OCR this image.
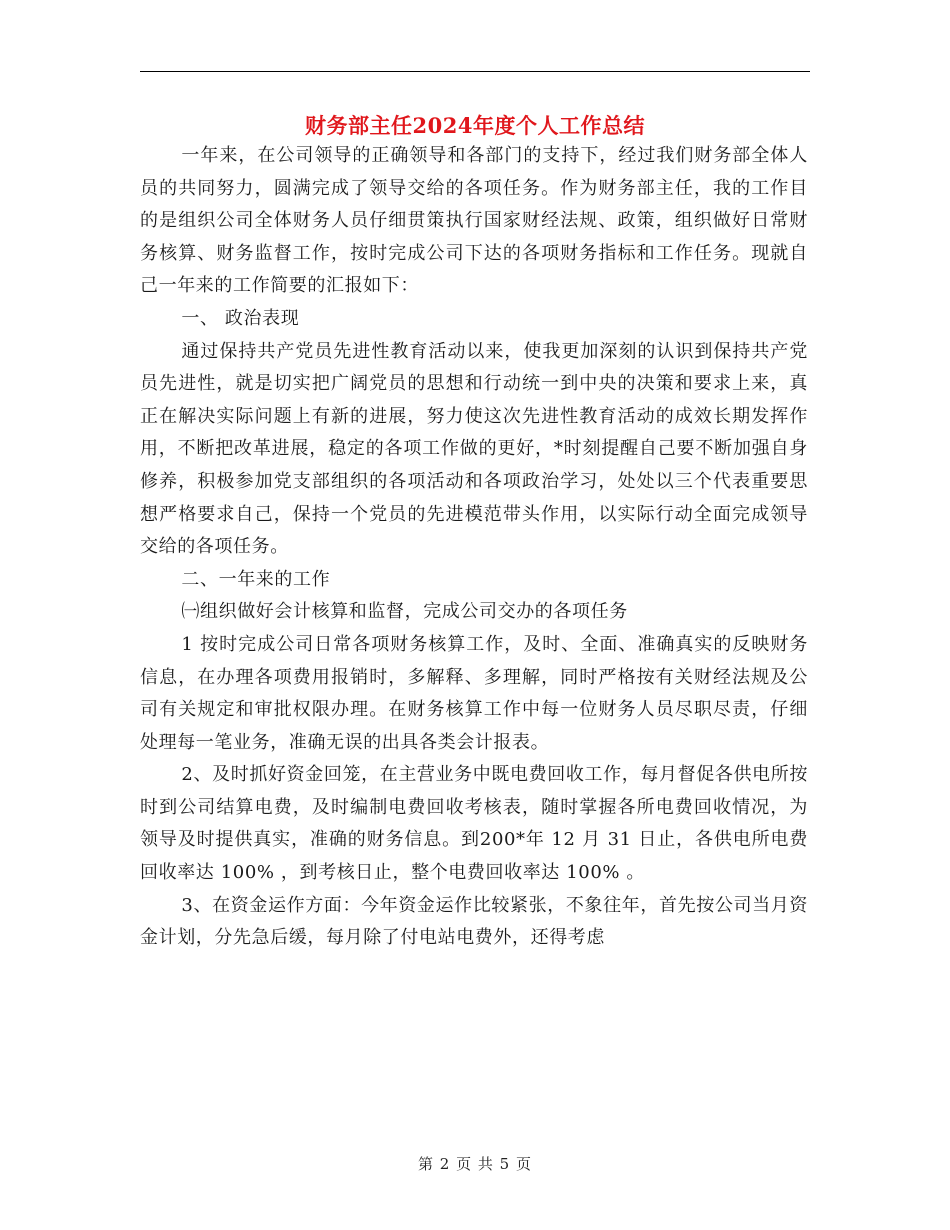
财务部主任2024年度个人工作总结

一年来，在公司领导的正确领导和各部门的支持下，经过我们财务部全体人员的共同努力，圆满完成了领导交给的各项任务。作为财务部主任，我的工作目的是组织公司全体财务人员仔细贯策执行国家财经法规、政策，组织做好日常财务核算、财务监督工作，按时完成公司下达的各项财务指标和工作任务。现就自己一年来的工作简要的汇报如下：

一、 政治表现

通过保持共产党员先进性教育活动以来，使我更加深刻的认识到保持共产党员先进性，就是切实把广阔党员的思想和行动统一到中央的决策和要求上来，真正在解决实际问题上有新的进展，努力使这次先进性教育活动的成效长期发挥作用，不断把改革进展，稳定的各项工作做的更好，*时刻提醒自己要不断加强自身修养，积极参加党支部组织的各项活动和各项政治学习，处处以三个代表重要思想严格要求自己，保持一个党员的先进模范带头作用，以实际行动全面完成领导交给的各项任务。

二、一年来的工作

㈠组织做好会计核算和监督，完成公司交办的各项任务

1 按时完成公司日常各项财务核算工作，及时、全面、准确真实的反映财务信息，在办理各项费用报销时，多解释、多理解，同时严格按有关财经法规及公司有关规定和审批权限办理。在财务核算工作中每一位财务人员尽职尽责，仔细处理每一笔业务，准确无误的出具各类会计报表。

2、及时抓好资金回笼，在主营业务中既电费回收工作，每月督促各供电所按时到公司结算电费，及时编制电费回收考核表，随时掌握各所电费回收情况，为领导及时提供真实，准确的财务信息。到200*年 12 月 31 日止，各供电所电费回收率达 100% ，到考核日止，整个电费回收率达 100% 。

3、在资金运作方面：今年资金运作比较紧张，不象往年，首先按公司当月资金计划，分先急后缓，每月除了付电站电费外，还得考虑

第 2 页 共 5 页
